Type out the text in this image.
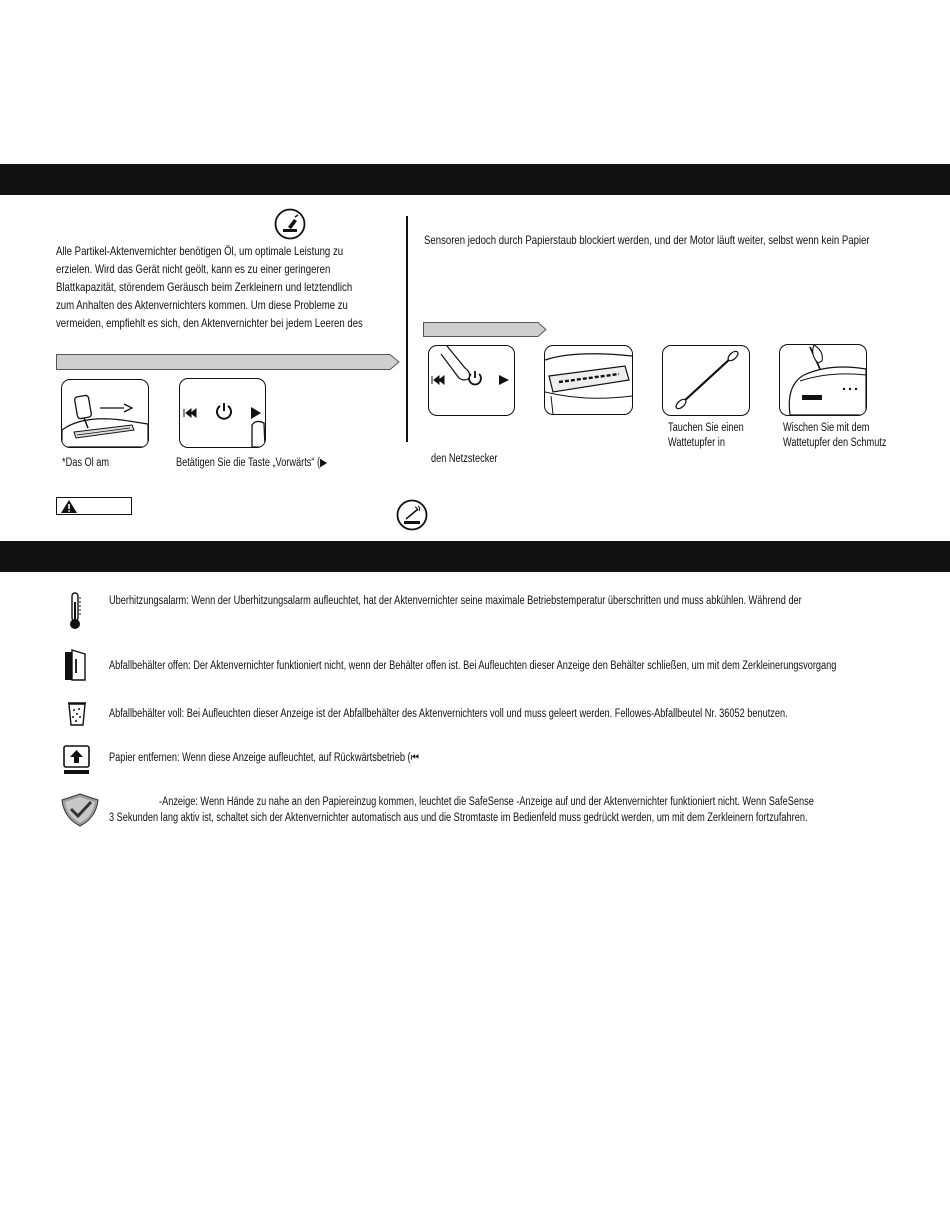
Alle Partikel-Aktenvernichter benötigen Öl, um optimale Leistung zu
erzielen. Wird das Gerät nicht geölt, kann es zu einer geringeren
Blattkapazität, störendem Geräusch beim Zerkleinern und letztendlich
zum Anhalten des Aktenvernichters kommen. Um diese Probleme zu
vermeiden, empfiehlt es sich, den Aktenvernichter bei jedem Leeren des
*Das Öl am	Betätigen Sie die Taste „Vorwärts“ (▶
Sensoren jedoch durch Papierstaub blockiert werden, und der Motor läuft weiter, selbst wenn kein Papier
Tauchen Sie einen
Wattetupfer in
Wischen Sie mit dem
Wattetupfer den Schmutz
den Netzstecker
Überhitzungsalarm: Wenn der Überhitzungsalarm aufleuchtet, hat der Aktenvernichter seine maximale Betriebstemperatur überschritten und muss abkühlen. Während der
Abfallbehälter offen: Der Aktenvernichter funktioniert nicht, wenn der Behälter offen ist. Bei Aufleuchten dieser Anzeige den Behälter schließen, um mit dem Zerkleinerungsvorgang
Abfallbehälter voll: Bei Aufleuchten dieser Anzeige ist der Abfallbehälter des Aktenvernichters voll und muss geleert werden. Fellowes-Abfallbeutel Nr. 36052 benutzen.
Papier entfernen: Wenn diese Anzeige aufleuchtet, auf Rückwärtsbetrieb (⏮
-Anzeige: Wenn Hände zu nahe an den Papiereinzug kommen, leuchtet die SafeSense -Anzeige auf und der Aktenvernichter funktioniert nicht. Wenn SafeSense
3 Sekunden lang aktiv ist, schaltet sich der Aktenvernichter automatisch aus und die Stromtaste im Bedienfeld muss gedrückt werden, um mit dem Zerkleinern fortzufahren.
